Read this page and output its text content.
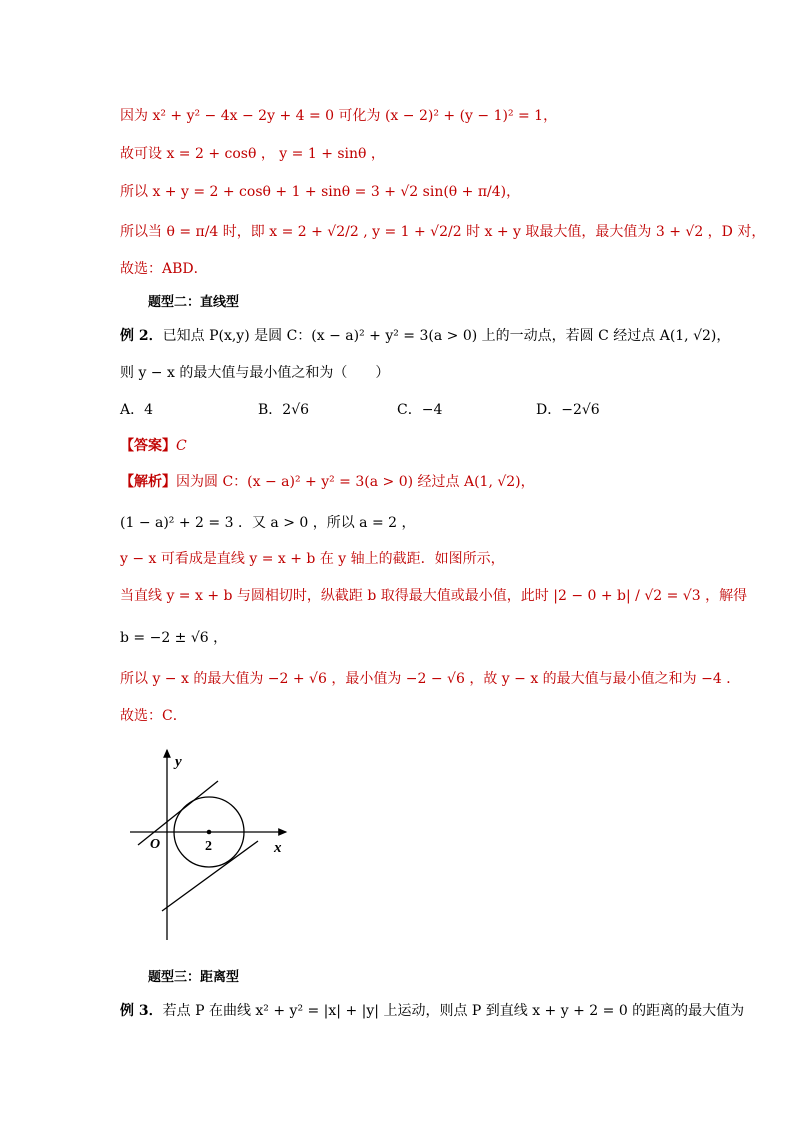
因为 x² + y² − 4x − 2y + 4 = 0 可化为 (x − 2)² + (y − 1)² = 1，
故可设 x = 2 + cosθ ， y = 1 + sinθ ，
所以 x + y = 2 + cosθ + 1 + sinθ = 3 + √2 sin(θ + π/4)，
所以当 θ = π/4 时，即 x = 2 + √2/2 , y = 1 + √2/2 时 x + y 取最大值，最大值为 3 + √2 ，D 对，
故选：ABD．
题型二：直线型
例 2．已知点 P(x,y) 是圆 C：(x − a)² + y² = 3(a > 0) 上的一动点，若圆 C 经过点 A(1, √2)，
则 y − x 的最大值与最小值之和为（　　）
A．4	B．2√6	C．−4	D．−2√6
【答案】C
【解析】因为圆 C：(x − a)² + y² = 3(a > 0) 经过点 A(1, √2)，
(1 − a)² + 2 = 3 ．又 a > 0 ，所以 a = 2 ，
y − x 可看成是直线 y = x + b 在 y 轴上的截距．如图所示，
当直线 y = x + b 与圆相切时，纵截距 b 取得最大值或最小值，此时 |2 − 0 + b| / √2 = √3 ，解得
b = −2 ± √6 ，
所以 y − x 的最大值为 −2 + √6 ，最小值为 −2 − √6 ，故 y − x 的最大值与最小值之和为 −4 ．
故选：C．
y
x
O	2
题型三：距离型
例 3．若点 P 在曲线 x² + y² = |x| + |y| 上运动，则点 P 到直线 x + y + 2 = 0 的距离的最大值为
